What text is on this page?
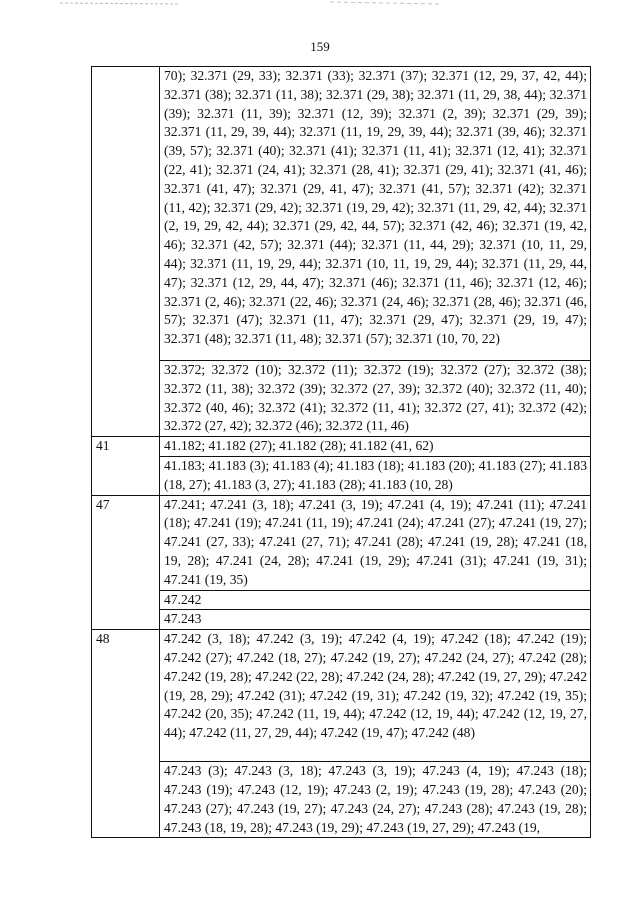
159
	70); 32.371 (29, 33); 32.371 (33); 32.371 (37); 32.371 (12, 29, 37, 42, 44); 32.371 (38); 32.371 (11, 38); 32.371 (29, 38); 32.371 (11, 29, 38, 44); 32.371 (39); 32.371 (11, 39); 32.371 (12, 39); 32.371 (2, 39); 32.371 (29, 39); 32.371 (11, 29, 39, 44); 32.371 (11, 19, 29, 39, 44); 32.371 (39, 46); 32.371 (39, 57); 32.371 (40); 32.371 (41); 32.371 (11, 41); 32.371 (12, 41); 32.371 (22, 41); 32.371 (24, 41); 32.371 (28, 41); 32.371 (29, 41); 32.371 (41, 46); 32.371 (41, 47); 32.371 (29, 41, 47); 32.371 (41, 57); 32.371 (42); 32.371 (11, 42); 32.371 (29, 42); 32.371 (19, 29, 42); 32.371 (11, 29, 42, 44); 32.371 (2, 19, 29, 42, 44); 32.371 (29, 42, 44, 57); 32.371 (42, 46); 32.371 (19, 42, 46); 32.371 (42, 57); 32.371 (44); 32.371 (11, 44, 29); 32.371 (10, 11, 29, 44); 32.371 (11, 19, 29, 44); 32.371 (10, 11, 19, 29, 44); 32.371 (11, 29, 44, 47); 32.371 (12, 29, 44, 47); 32.371 (46); 32.371 (11, 46); 32.371 (12, 46); 32.371 (2, 46); 32.371 (22, 46); 32.371 (24, 46); 32.371 (28, 46); 32.371 (46, 57); 32.371 (47); 32.371 (11, 47); 32.371 (29, 47); 32.371 (29, 19, 47); 32.371 (48); 32.371 (11, 48); 32.371 (57); 32.371 (10, 70, 22)
	32.372; 32.372 (10); 32.372 (11); 32.372 (19); 32.372 (27); 32.372 (38); 32.372 (11, 38); 32.372 (39); 32.372 (27, 39); 32.372 (40); 32.372 (11, 40); 32.372 (40, 46); 32.372 (41); 32.372 (11, 41); 32.372 (27, 41); 32.372 (42); 32.372 (27, 42); 32.372 (46); 32.372 (11, 46)
41	41.182; 41.182 (27); 41.182 (28); 41.182 (41, 62)
	41.183; 41.183 (3); 41.183 (4); 41.183 (18); 41.183 (20); 41.183 (27); 41.183 (18, 27); 41.183 (3, 27); 41.183 (28); 41.183 (10, 28)
47	47.241; 47.241 (3, 18); 47.241 (3, 19); 47.241 (4, 19); 47.241 (11); 47.241 (18); 47.241 (19); 47.241 (11, 19); 47.241 (24); 47.241 (27); 47.241 (19, 27); 47.241 (27, 33); 47.241 (27, 71); 47.241 (28); 47.241 (19, 28); 47.241 (18, 19, 28); 47.241 (24, 28); 47.241 (19, 29); 47.241 (31); 47.241 (19, 31); 47.241 (19, 35)
	47.242
	47.243
48	47.242 (3, 18); 47.242 (3, 19); 47.242 (4, 19); 47.242 (18); 47.242 (19); 47.242 (27); 47.242 (18, 27); 47.242 (19, 27); 47.242 (24, 27); 47.242 (28); 47.242 (19, 28); 47.242 (22, 28); 47.242 (24, 28); 47.242 (19, 27, 29); 47.242 (19, 28, 29); 47.242 (31); 47.242 (19, 31); 47.242 (19, 32); 47.242 (19, 35); 47.242 (20, 35); 47.242 (11, 19, 44); 47.242 (12, 19, 44); 47.242 (12, 19, 27, 44); 47.242 (11, 27, 29, 44); 47.242 (19, 47); 47.242 (48)
	47.243 (3); 47.243 (3, 18); 47.243 (3, 19); 47.243 (4, 19); 47.243 (18); 47.243 (19); 47.243 (12, 19); 47.243 (2, 19); 47.243 (19, 28); 47.243 (20); 47.243 (27); 47.243 (19, 27); 47.243 (24, 27); 47.243 (28); 47.243 (19, 28); 47.243 (18, 19, 28); 47.243 (19, 29); 47.243 (19, 27, 29); 47.243 (19,
